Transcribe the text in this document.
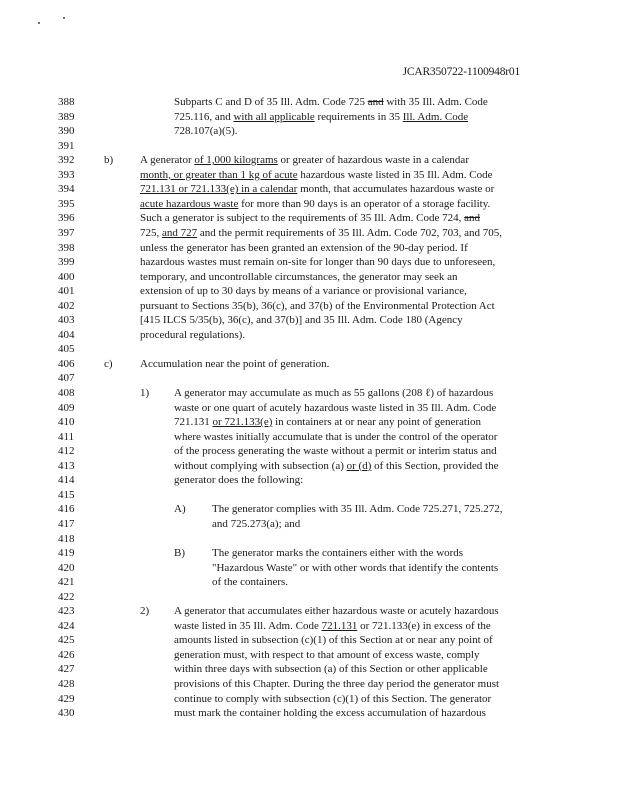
JCAR350722-1100948r01
388	Subparts C and D of 35 Ill. Adm. Code 725 and with 35 Ill. Adm. Code
389	725.116, and with all applicable requirements in 35 Ill. Adm. Code
390	728.107(a)(5).
391
392	b) A generator of 1,000 kilograms or greater of hazardous waste in a calendar
393	month, or greater than 1 kg of acute hazardous waste listed in 35 Ill. Adm. Code
394	721.131 or 721.133(e) in a calendar month, that accumulates hazardous waste or
395	acute hazardous waste for more than 90 days is an operator of a storage facility.
396	Such a generator is subject to the requirements of 35 Ill. Adm. Code 724, and
397	725, and 727 and the permit requirements of 35 Ill. Adm. Code 702, 703, and 705,
398	unless the generator has been granted an extension of the 90-day period. If
399	hazardous wastes must remain on-site for longer than 90 days due to unforeseen,
400	temporary, and uncontrollable circumstances, the generator may seek an
401	extension of up to 30 days by means of a variance or provisional variance,
402	pursuant to Sections 35(b), 36(c), and 37(b) of the Environmental Protection Act
403	[415 ILCS 5/35(b), 36(c), and 37(b)] and 35 Ill. Adm. Code 180 (Agency
404	procedural regulations).
405
406	c) Accumulation near the point of generation.
407
408	1) A generator may accumulate as much as 55 gallons (208 ℓ) of hazardous
409	waste or one quart of acutely hazardous waste listed in 35 Ill. Adm. Code
410	721.131 or 721.133(e) in containers at or near any point of generation
411	where wastes initially accumulate that is under the control of the operator
412	of the process generating the waste without a permit or interim status and
413	without complying with subsection (a) or (d) of this Section, provided the
414	generator does the following:
415
416	A) The generator complies with 35 Ill. Adm. Code 725.271, 725.272,
417	and 725.273(a); and
418
419	B) The generator marks the containers either with the words
420	"Hazardous Waste" or with other words that identify the contents
421	of the containers.
422
423	2) A generator that accumulates either hazardous waste or acutely hazardous
424	waste listed in 35 Ill. Adm. Code 721.131 or 721.133(e) in excess of the
425	amounts listed in subsection (c)(1) of this Section at or near any point of
426	generation must, with respect to that amount of excess waste, comply
427	within three days with subsection (a) of this Section or other applicable
428	provisions of this Chapter. During the three day period the generator must
429	continue to comply with subsection (c)(1) of this Section. The generator
430	must mark the container holding the excess accumulation of hazardous
